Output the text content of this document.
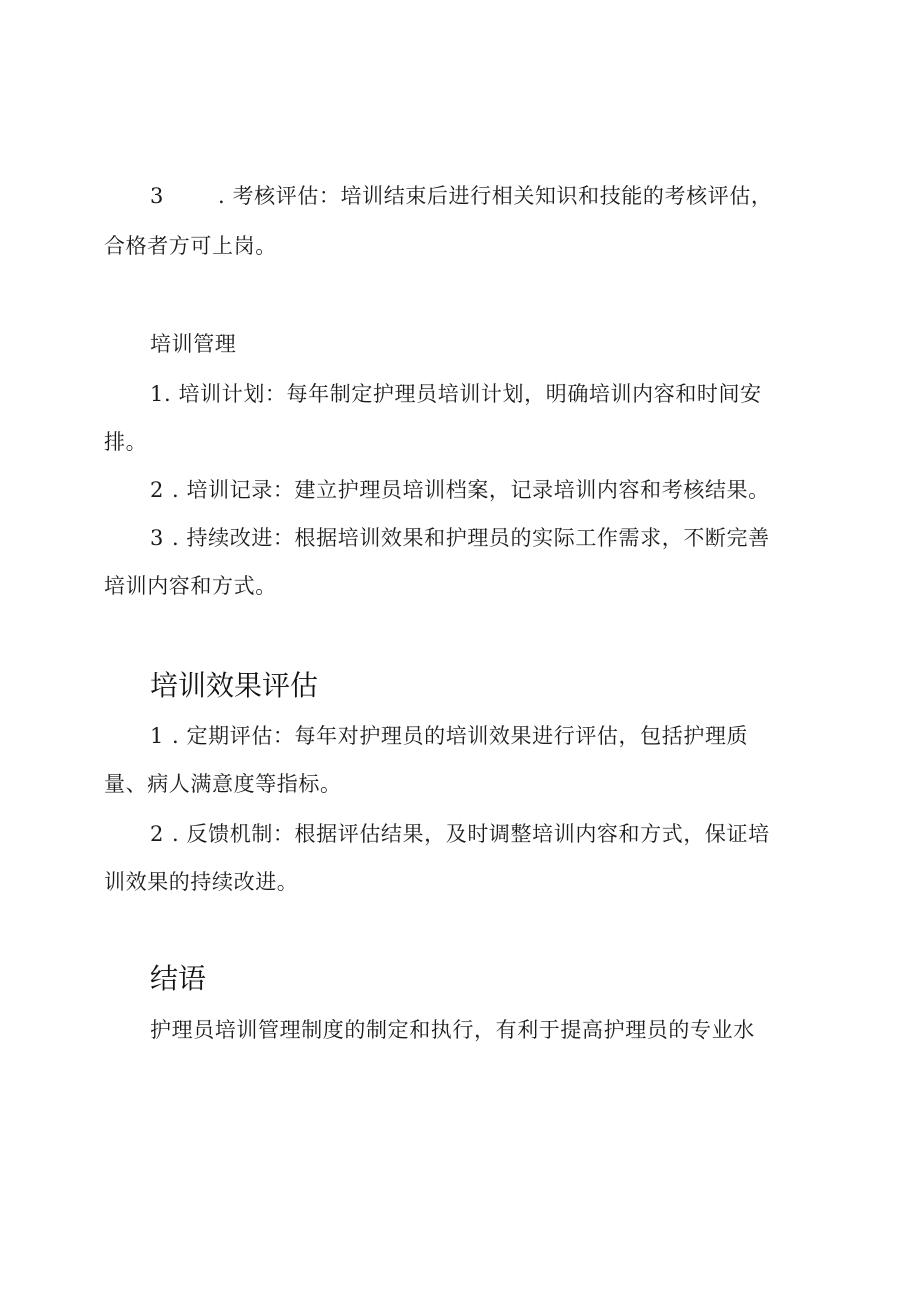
3	. 考核评估：培训结束后进行相关知识和技能的考核评估，
合格者方可上岗。
培训管理
1. 培训计划：每年制定护理员培训计划，明确培训内容和时间安
排。
2 . 培训记录：建立护理员培训档案，记录培训内容和考核结果。
3 . 持续改进：根据培训效果和护理员的实际工作需求，不断完善
培训内容和方式。
培训效果评估
1 . 定期评估：每年对护理员的培训效果进行评估，包括护理质
量、病人满意度等指标。
2 . 反馈机制：根据评估结果，及时调整培训内容和方式，保证培
训效果的持续改进。
结语
护理员培训管理制度的制定和执行，有利于提高护理员的专业水
